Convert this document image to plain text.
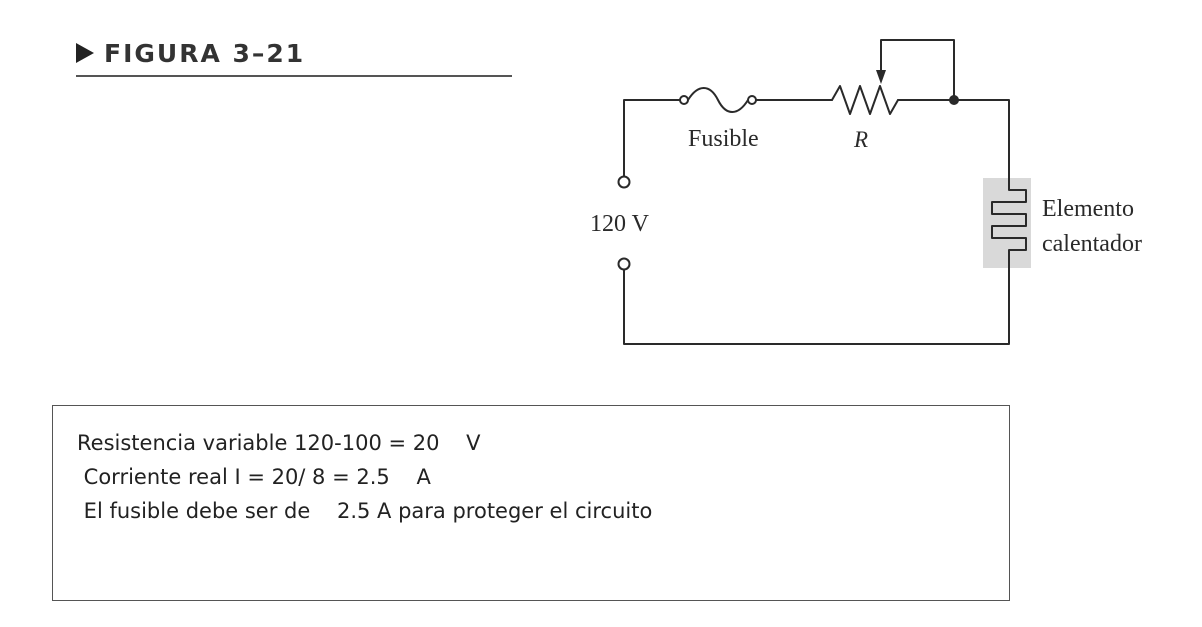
FIGURA 3–21
Fusible	R
120 V
Elemento
calentador
Resistencia variable 120-100 = 20    V
Corriente real I = 20/ 8 = 2.5    A
El fusible debe ser de    2.5 A para proteger el circuito
